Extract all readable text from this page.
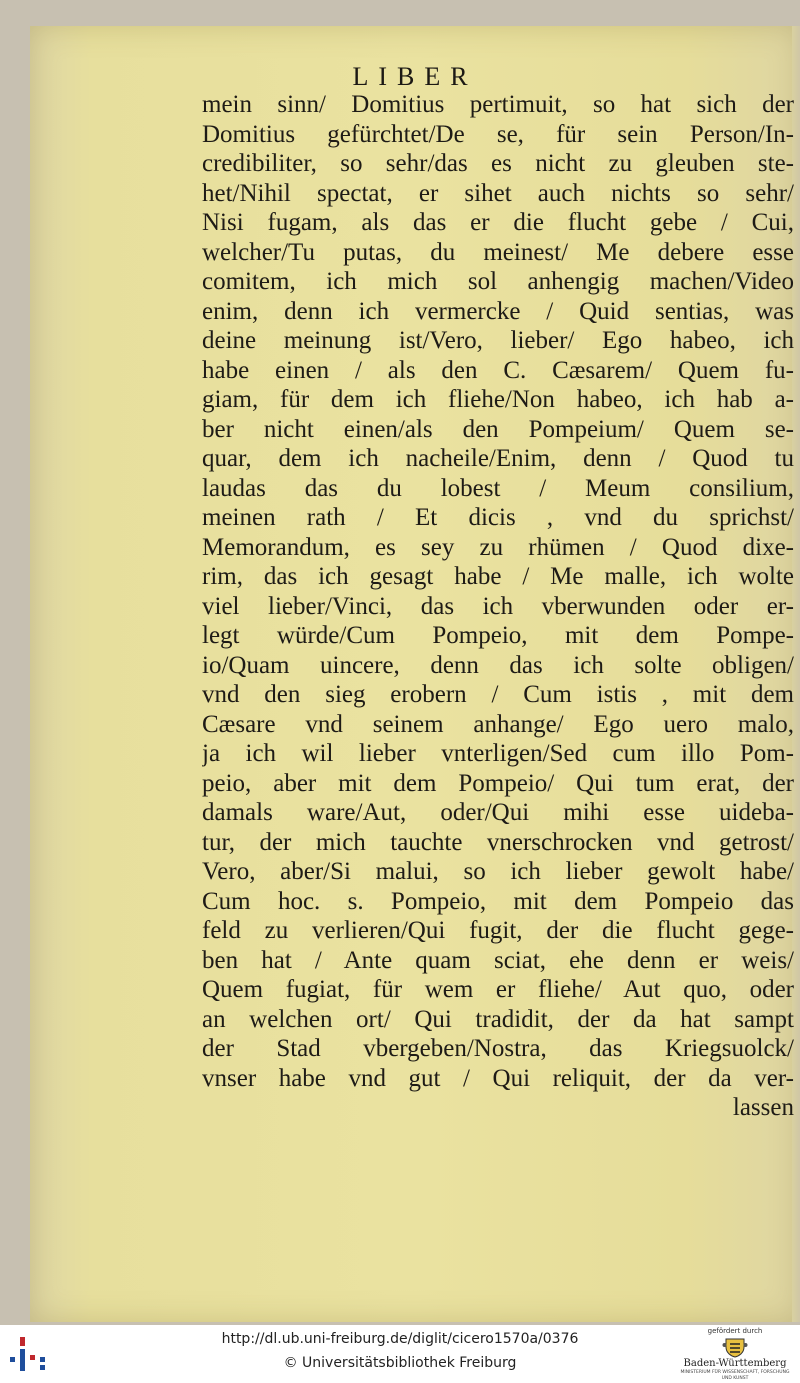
LIBER
mein sinn/ Domitius pertimuit, so hat sich der
Domitius gefürchtet/De se, für sein Person/In-
credibiliter, so sehr/das es nicht zu gleuben ste-
het/Nihil spectat, er sihet auch nichts so sehr/
Nisi fugam, als das er die flucht gebe / Cui,
welcher/Tu putas, du meinest/ Me debere esse
comitem, ich mich sol anhengig machen/Video
enim, denn ich vermercke / Quid sentias, was
deine meinung ist/Vero, lieber/ Ego habeo, ich
habe einen / als den C. Cæsarem/ Quem fu-
giam, für dem ich fliehe/Non habeo, ich hab a-
ber nicht einen/als den Pompeium/ Quem se-
quar, dem ich nacheile/Enim, denn / Quod tu
laudas das du lobest / Meum consilium,
meinen rath / Et dicis , vnd du sprichst/
Memorandum, es sey zu rhümen / Quod dixe-
rim, das ich gesagt habe / Me malle, ich wolte
viel lieber/Vinci, das ich vberwunden oder er-
legt würde/Cum Pompeio, mit dem Pompe-
io/Quam uincere, denn das ich solte obligen/
vnd den sieg erobern / Cum istis , mit dem
Cæsare vnd seinem anhange/ Ego uero malo,
ja ich wil lieber vnterligen/Sed cum illo Pom-
peio, aber mit dem Pompeio/ Qui tum erat, der
damals ware/Aut, oder/Qui mihi esse uideba-
tur, der mich tauchte vnerschrocken vnd getrost/
Vero, aber/Si malui, so ich lieber gewolt habe/
Cum hoc. s. Pompeio, mit dem Pompeio das
feld zu verlieren/Qui fugit, der die flucht gege-
ben hat / Ante quam sciat, ehe denn er weis/
Quem fugiat, für wem er fliehe/ Aut quo, oder
an welchen ort/ Qui tradidit, der da hat sampt
der Stad vbergeben/Nostra, das Kriegsuolck/
vnser habe vnd gut / Qui reliquit, der da ver-
lassen
http://dl.ub.uni-freiburg.de/diglit/cicero1570a/0376
© Universitätsbibliothek Freiburg
gefördert durch
Baden-Württemberg
MINISTERIUM FÜR WISSENSCHAFT, FORSCHUNG UND KUNST
